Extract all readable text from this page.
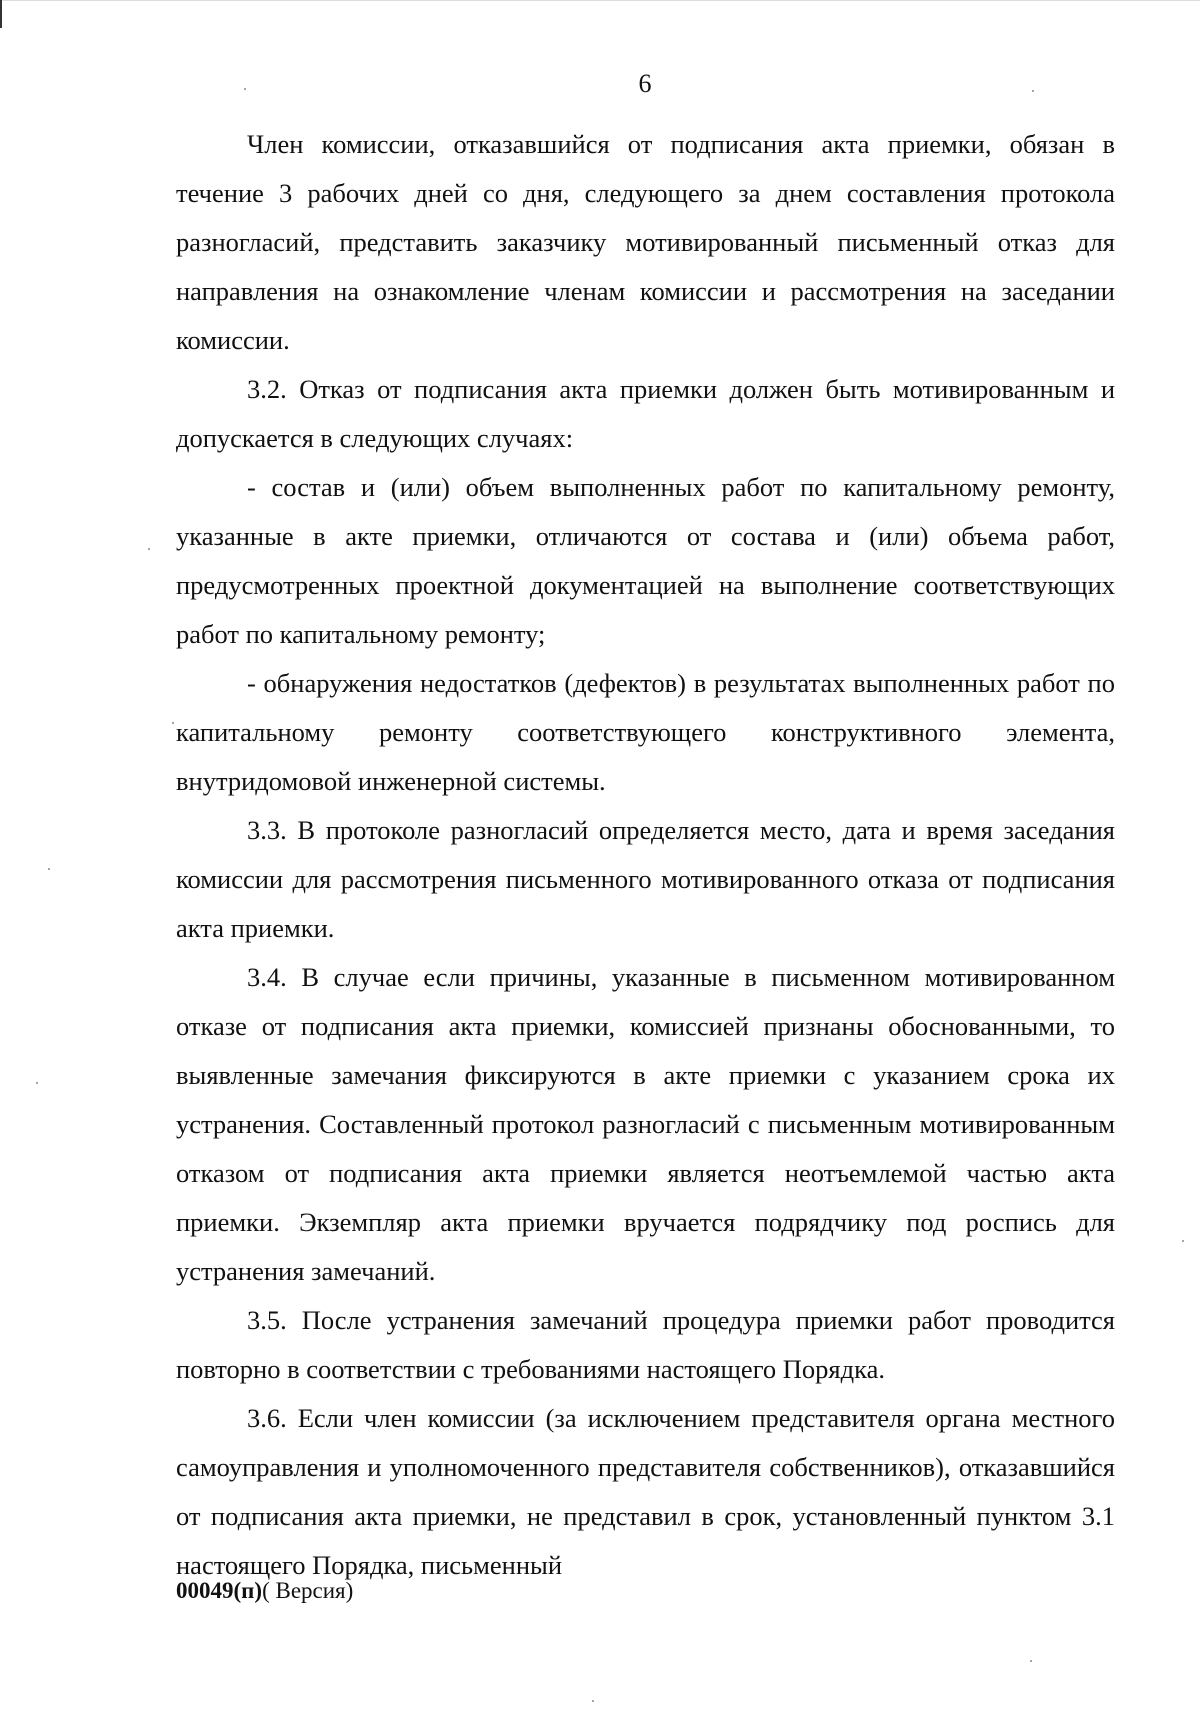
6

Член комиссии, отказавшийся от подписания акта приемки, обязан в течение 3 рабочих дней со дня, следующего за днем составления протокола разногласий, представить заказчику мотивированный письменный отказ для направления на ознакомление членам комиссии и рассмотрения на заседании комиссии.

3.2. Отказ от подписания акта приемки должен быть мотивированным и допускается в следующих случаях:

- состав и (или) объем выполненных работ по капитальному ремонту, указанные в акте приемки, отличаются от состава и (или) объема работ, предусмотренных проектной документацией на выполнение соответствующих работ по капитальному ремонту;

- обнаружения недостатков (дефектов) в результатах выполненных работ по капитальному ремонту соответствующего конструктивного элемента, внутридомовой инженерной системы.

3.3. В протоколе разногласий определяется место, дата и время заседания комиссии для рассмотрения письменного мотивированного отказа от подписания акта приемки.

3.4. В случае если причины, указанные в письменном мотивированном отказе от подписания акта приемки, комиссией признаны обоснованными, то выявленные замечания фиксируются в акте приемки с указанием срока их устранения. Составленный протокол разногласий с письменным мотивированным отказом от подписания акта приемки является неотъемлемой частью акта приемки. Экземпляр акта приемки вручается подрядчику под роспись для устранения замечаний.

3.5. После устранения замечаний процедура приемки работ проводится повторно в соответствии с требованиями настоящего Порядка.

3.6. Если член комиссии (за исключением представителя органа местного самоуправления и уполномоченного представителя собственников), отказавшийся от подписания акта приемки, не представил в срок, установленный пунктом 3.1 настоящего Порядка, письменный

00049(п)( Версия)
